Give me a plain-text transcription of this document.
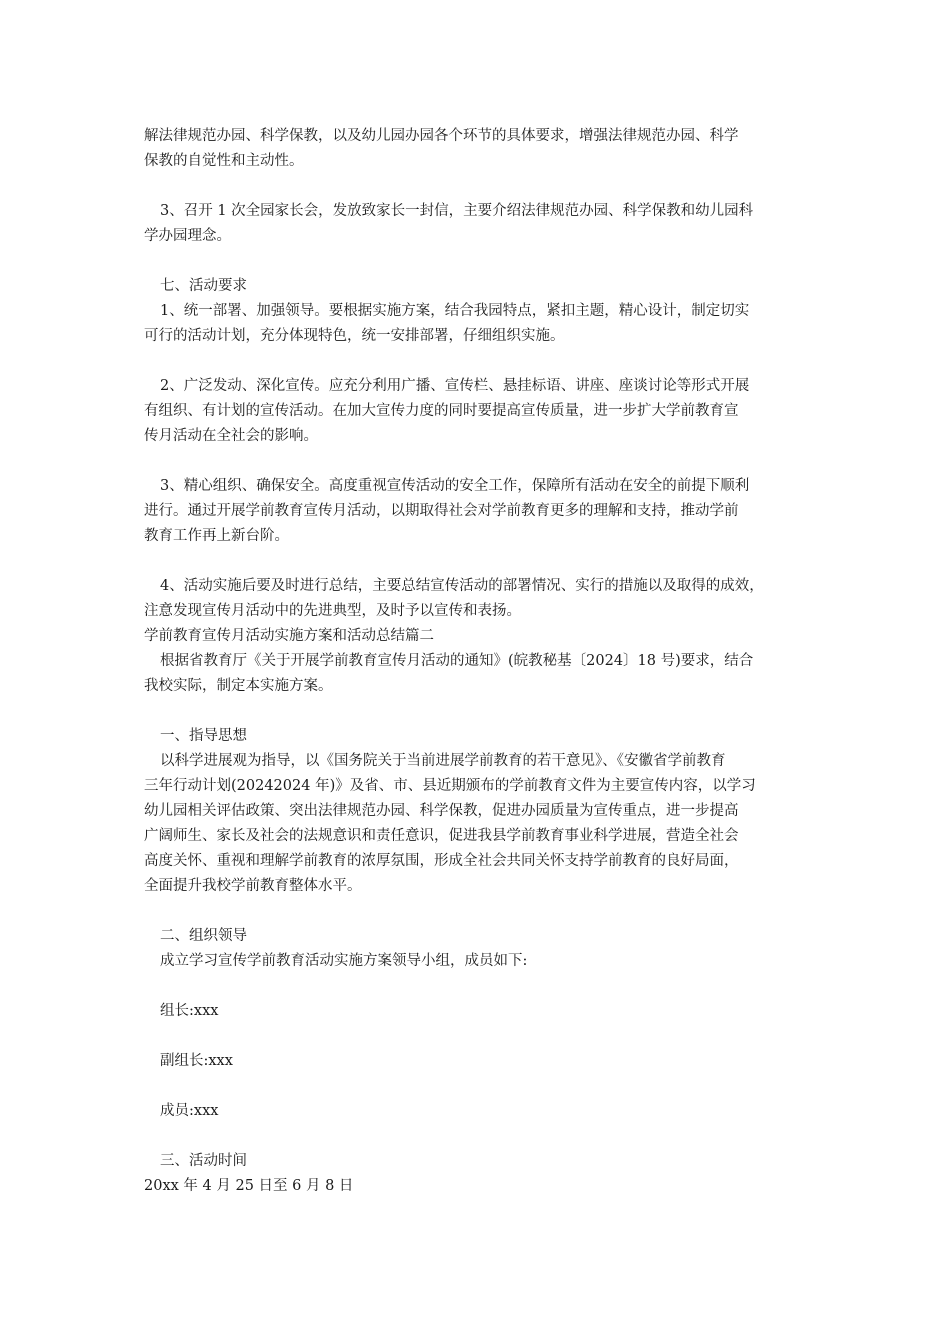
解法律规范办园、科学保教，以及幼儿园办园各个环节的具体要求，增强法律规范办园、科学
保教的自觉性和主动性。
3、召开 1 次全园家长会，发放致家长一封信，主要介绍法律规范办园、科学保教和幼儿园科
学办园理念。
七、活动要求
1、统一部署、加强领导。要根据实施方案，结合我园特点，紧扣主题，精心设计，制定切实
可行的活动计划，充分体现特色，统一安排部署，仔细组织实施。
2、广泛发动、深化宣传。应充分利用广播、宣传栏、悬挂标语、讲座、座谈讨论等形式开展
有组织、有计划的宣传活动。在加大宣传力度的同时要提高宣传质量，进一步扩大学前教育宣
传月活动在全社会的影响。
3、精心组织、确保安全。高度重视宣传活动的安全工作，保障所有活动在安全的前提下顺利
进行。通过开展学前教育宣传月活动，以期取得社会对学前教育更多的理解和支持，推动学前
教育工作再上新台阶。
4、活动实施后要及时进行总结，主要总结宣传活动的部署情况、实行的措施以及取得的成效，
注意发现宣传月活动中的先进典型，及时予以宣传和表扬。
学前教育宣传月活动实施方案和活动总结篇二
根据省教育厅《关于开展学前教育宣传月活动的通知》(皖教秘基〔2024〕18 号)要求，结合
我校实际，制定本实施方案。
一、指导思想
以科学进展观为指导，以《国务院关于当前进展学前教育的若干意见》、《安徽省学前教育
三年行动计划(20242024 年)》及省、市、县近期颁布的学前教育文件为主要宣传内容，以学习
幼儿园相关评估政策、突出法律规范办园、科学保教，促进办园质量为宣传重点，进一步提高
广阔师生、家长及社会的法规意识和责任意识，促进我县学前教育事业科学进展，营造全社会
高度关怀、重视和理解学前教育的浓厚氛围，形成全社会共同关怀支持学前教育的良好局面，
全面提升我校学前教育整体水平。
二、组织领导
成立学习宣传学前教育活动实施方案领导小组，成员如下:
组长:xxx
副组长:xxx
成员:xxx
三、活动时间
20xx 年 4 月 25 日至 6 月 8 日
